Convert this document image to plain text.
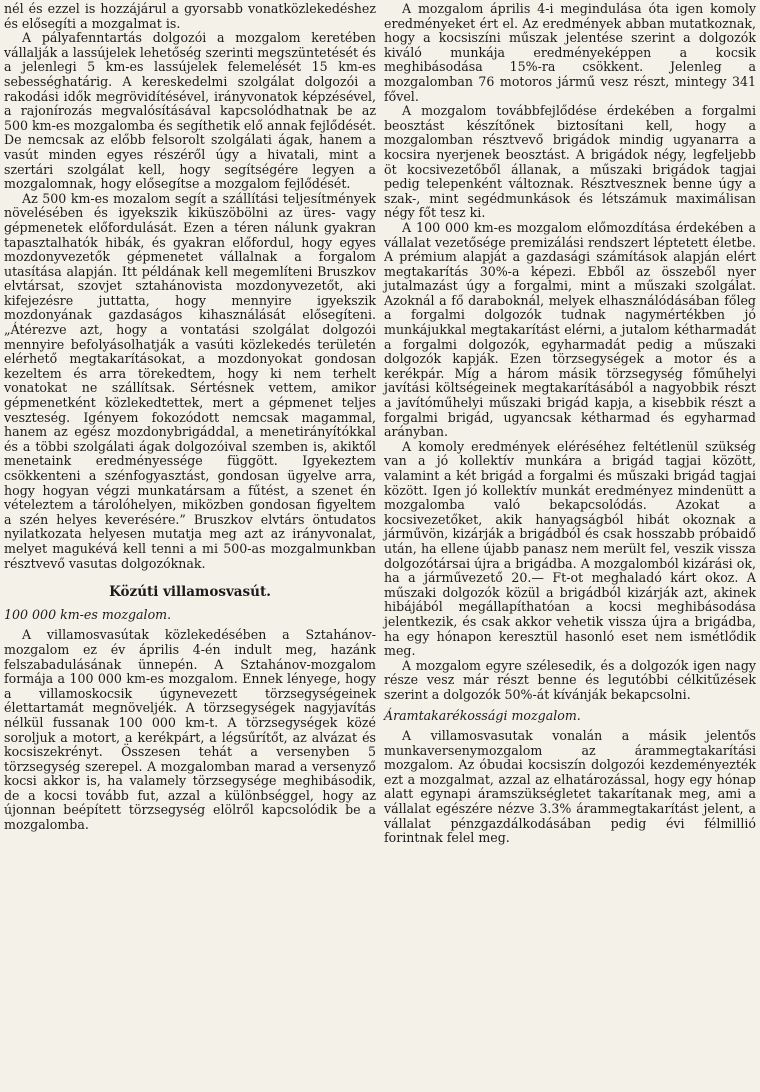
nél és ezzel is hozzájárul a gyorsabb vonatközlekedéshez és elősegíti a mozgalmat is.

A pályafenntartás dolgozói a mozgalom keretében vállalják a lassújelek lehetőség szerinti megszüntetését és a jelenlegi 5 km-es lassújelek felemelését 15 km-es sebességhatárig. A kereskedelmi szolgálat dolgozói a rakodási idők megrövidítésével, irányvonatok képzésével, a rajonírozás megvalósításával kapcsolódhatnak be az 500 km-es mozgalomba és segíthetik elő annak fejlődését. De nemcsak az előbb felsorolt szolgálati ágak, hanem a vasút minden egyes részéről úgy a hivatali, mint a szertári szolgálat kell, hogy segítségére legyen a mozgalomnak, hogy elősegítse a mozgalom fejlődését.

Az 500 km-es mozalom segít a szállítási teljesítmények növelésében és igyekszik kiküszöbölni az üres- vagy gépmenetek előfordulását. Ezen a téren nálunk gyakran tapasztalhatók hibák, és gyakran előfordul, hogy egyes mozdonyvezetők gépmenetet vállalnak a forgalom utasítása alapján. Itt példának kell megemlíteni Bruszkov elvtársat, szovjet sztahánovista mozdonyvezetőt, aki kifejezésre juttatta, hogy mennyire igyekszik mozdonyának gazdaságos kihasználását elősegíteni. „Átérezve azt, hogy a vontatási szolgálat dolgozói mennyire befolyásolhatják a vasúti közlekedés területén elérhető megtakarításokat, a mozdonyokat gondosan kezeltem és arra törekedtem, hogy ki nem terhelt vonatokat ne szállítsak. Sértésnek vettem, amikor gépmenetként közlekedtettek, mert a gépmenet teljes veszteség. Igényem fokozódott nemcsak magammal, hanem az egész mozdonybrigáddal, a menetirányítókkal és a többi szolgálati ágak dolgozóival szemben is, akiktől menetaink eredményessége függött. Igyekeztem csökkenteni a szénfogyasztást, gondosan ügyelve arra, hogy hogyan végzi munkatársam a fűtést, a szenet én vételeztem a tárolóhelyen, miközben gondosan figyeltem a szén helyes keverésére.” Bruszkov elvtárs öntudatos nyilatkozata helyesen mutatja meg azt az irányvonalat, melyet magukévá kell tenni a mi 500-as mozgalmunkban résztvevő vasutas dolgozóknak.

Közúti villamosvasút.

100 000 km-es mozgalom.

A villamosvasútak közlekedésében a Sztahánov-mozgalom ez év április 4-én indult meg, hazánk felszabadulásának ünnepén. A Sztahánov-mozgalom formája a 100 000 km-es mozgalom. Ennek lényege, hogy a villamoskocsik úgynevezett törzsegységeinek élettartamát megnöveljék. A törzsegységek nagyjavítás nélkül fussanak 100 000 km-t. A törzsegységek közé soroljuk a motort, a kerékpárt, a légsűrítőt, az alvázat és kocsiszekrényt. Összesen tehát a versenyben 5 törzsegység szerepel. A mozgalomban marad a versenyző kocsi akkor is, ha valamely törzsegysége meghibásodik, de a kocsi tovább fut, azzal a különbséggel, hogy az újonnan beépített törzsegység elölről kapcsolódik be a mozgalomba.

A mozgalom április 4-i megindulása óta igen komoly eredményeket ért el. Az eredmények abban mutatkoznak, hogy a kocsiszíni műszak jelentése szerint a dolgozók kiváló munkája eredményeképpen a kocsik meghibásodása 15%-ra csökkent. Jelenleg a mozgalomban 76 motoros jármű vesz részt, mintegy 341 fővel.

A mozgalom továbbfejlődése érdekében a forgalmi beosztást készítőnek biztosítani kell, hogy a mozgalomban résztvevő brigádok mindig ugyanarra a kocsira nyerjenek beosztást. A brigádok négy, legfeljebb öt kocsivezetőből állanak, a műszaki brigádok tagjai pedig telepenként változnak. Résztvesznek benne úgy a szak-, mint segédmunkások és létszámuk maximálisan négy főt tesz ki.

A 100 000 km-es mozgalom előmozdítása érdekében a vállalat vezetősége premizálási rendszert léptetett életbe. A prémium alapját a gazdasági számítások alapján elért megtakarítás 30%-a képezi. Ebből az összeből nyer jutalmazást úgy a forgalmi, mint a műszaki szolgálat. Azoknál a fő daraboknál, melyek elhasználódásában főleg a forgalmi dolgozók tudnak nagymértékben jó munkájukkal megtakarítást elérni, a jutalom kétharmadát a forgalmi dolgozók, egyharmadát pedig a műszaki dolgozók kapják. Ezen törzsegységek a motor és a kerékpár. Míg a három másik törzsegység főműhelyi javítási költségeinek megtakarításából a nagyobbik részt a javítóműhelyi műszaki brigád kapja, a kisebbik részt a forgalmi brigád, ugyancsak kétharmad és egyharmad arányban.

A komoly eredmények eléréséhez feltétlenül szükség van a jó kollektív munkára a brigád tagjai között, valamint a két brigád a forgalmi és műszaki brigád tagjai között. Igen jó kollektív munkát eredményez mindenütt a mozgalomba való bekapcsolódás. Azokat a kocsivezetőket, akik hanyagságból hibát okoznak a járművön, kizárják a brigádból és csak hosszabb próbaidő után, ha ellene újabb panasz nem merült fel, veszik vissza dolgozótársai újra a brigádba. A mozgalomból kizárási ok, ha a járművezető 20.— Ft-ot meghaladó kárt okoz. A műszaki dolgozók közül a brigádból kizárják azt, akinek hibájából megállapíthatóan a kocsi meghibásodása jelentkezik, és csak akkor vehetik vissza újra a brigádba, ha egy hónapon keresztül hasonló eset nem ismétlődik meg.

A mozgalom egyre szélesedik, és a dolgozók igen nagy része vesz már részt benne és legutóbbi célkitűzések szerint a dolgozók 50%-át kívánják bekapcsolni.

Áramtakarékossági mozgalom.

A villamosvasutak vonalán a másik jelentős munkaversenymozgalom az árammegtakarítási mozgalom. Az óbudai kocsiszín dolgozói kezdeményezték ezt a mozgalmat, azzal az elhatározással, hogy egy hónap alatt egynapi áramszükségletet takarítanak meg, ami a vállalat egészére nézve 3.3% árammegtakarítást jelent, a vállalat pénzgazdálkodásában pedig évi félmillió forintnak felel meg.
